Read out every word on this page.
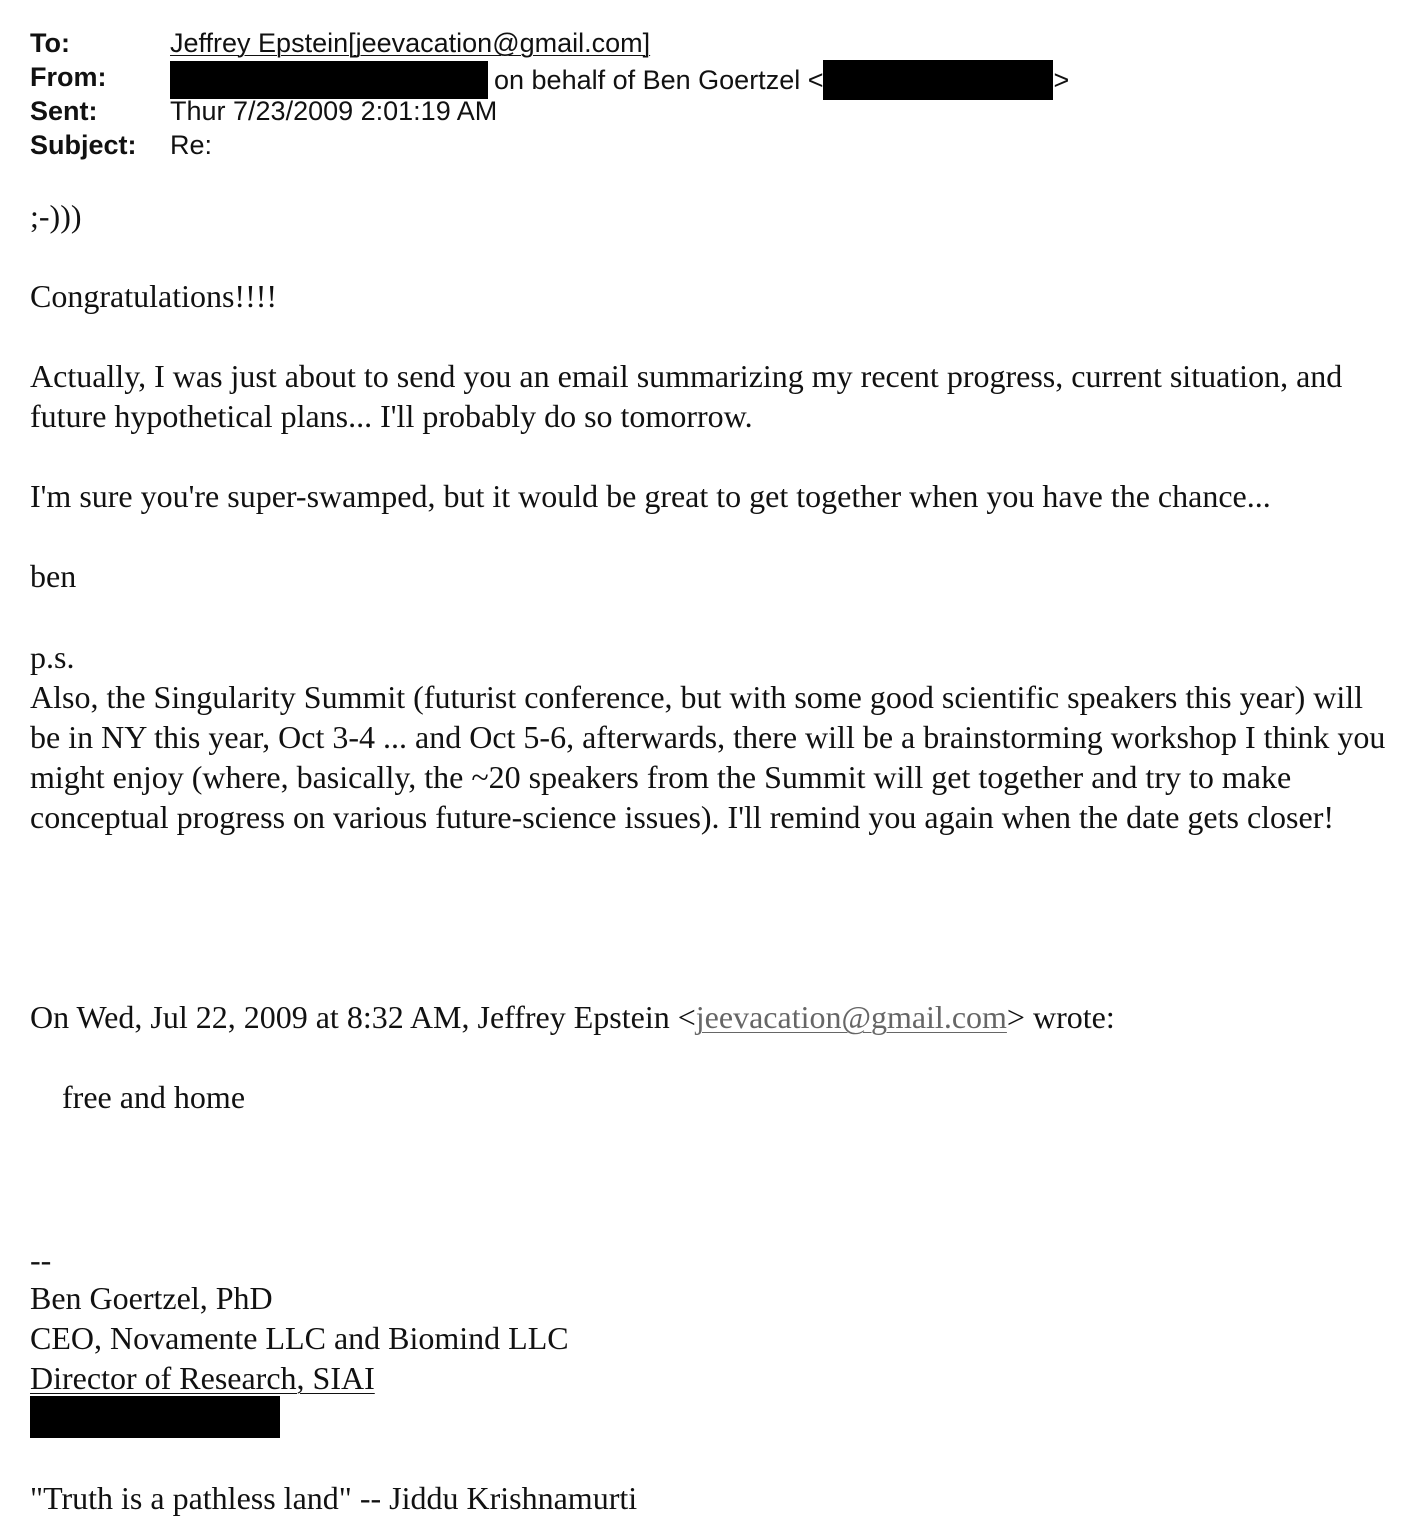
To:	Jeffrey Epstein[jeevacation@gmail.com]
From:	on behalf of Ben Goertzel <	>
Sent:	Thur 7/23/2009 2:01:19 AM
Subject: Re:

;-)))

Congratulations!!!!

Actually, I was just about to send you an email summarizing my recent progress, current situation, and future hypothetical plans... I'll probably do so tomorrow.

I'm sure you're super-swamped, but it would be great to get together when you have the chance...

ben

p.s.

Also, the Singularity Summit (futurist conference, but with some good scientific speakers this year) will be in NY this year, Oct 3-4 ... and Oct 5-6, afterwards, there will be a brainstorming workshop I think you might enjoy (where, basically, the ~20 speakers from the Summit will get together and try to make conceptual progress on various future-science issues). I'll remind you again when the date gets closer!

On Wed, Jul 22, 2009 at 8:32 AM, Jeffrey Epstein <jeevacation@gmail.com> wrote:

free and home

--

Ben Goertzel, PhD

CEO, Novamente LLC and Biomind LLC

Director of Research, SIAI

"Truth is a pathless land" -- Jiddu Krishnamurti
